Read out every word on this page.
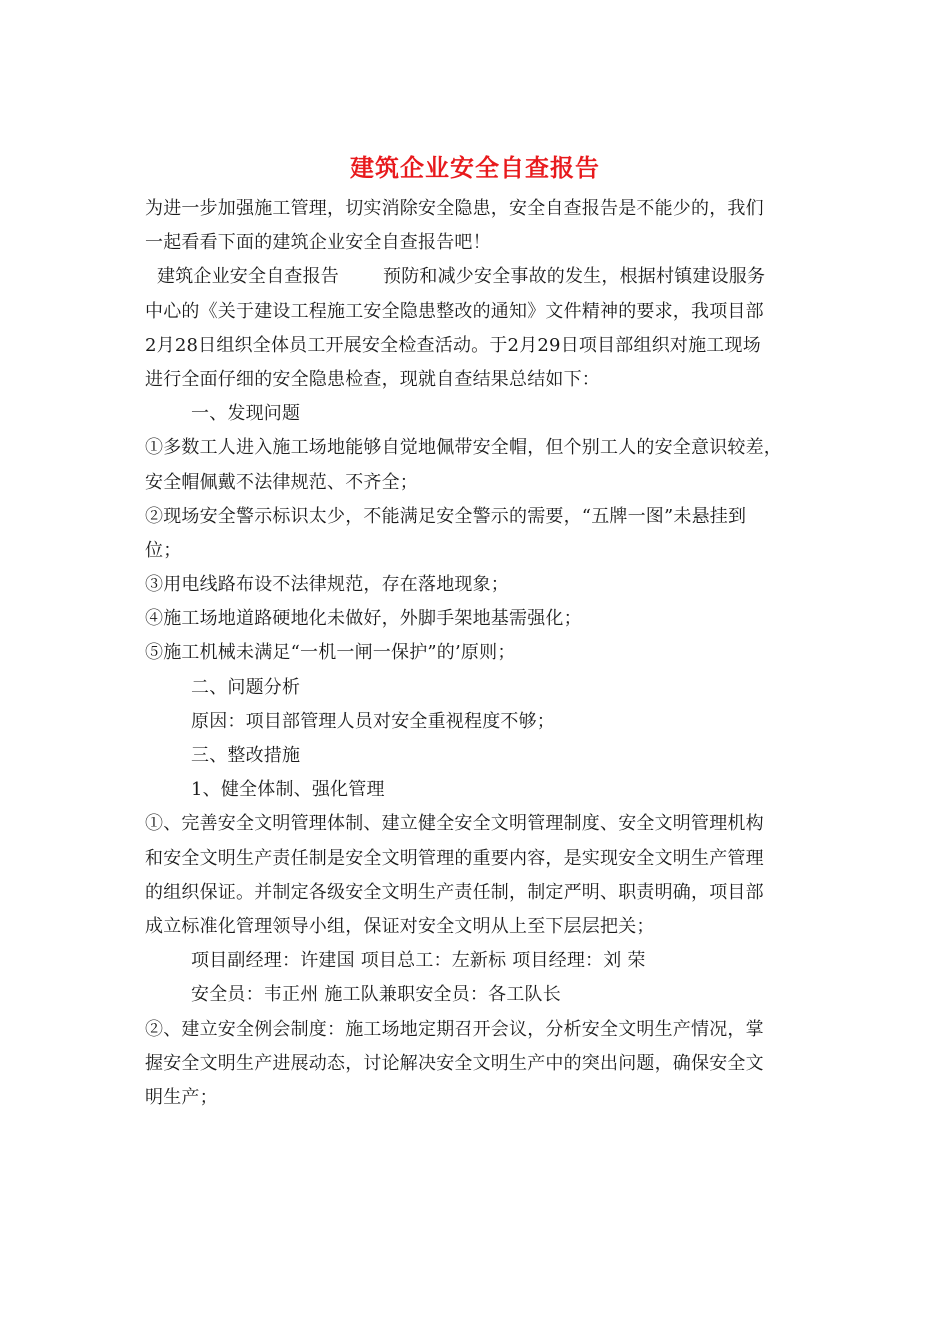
建筑企业安全自查报告
为进一步加强施工管理，切实消除安全隐患，安全自查报告是不能少的，我们
一起看看下面的建筑企业安全自查报告吧！
建筑企业安全自查报告 预防和减少安全事故的发生，根据村镇建设服务
中心的《关于建设工程施工安全隐患整改的通知》文件精神的要求，我项目部
2月28日组织全体员工开展安全检查活动。于2月29日项目部组织对施工现场
进行全面仔细的安全隐患检查，现就自查结果总结如下：
一、发现问题
①多数工人进入施工场地能够自觉地佩带安全帽，但个别工人的安全意识较差，
安全帽佩戴不法律规范、不齐全；
②现场安全警示标识太少，不能满足安全警示的需要，“五牌一图”未悬挂到
位；
③用电线路布设不法律规范，存在落地现象；
④施工场地道路硬地化未做好，外脚手架地基需强化；
⑤施工机械未满足“一机一闸一保护”的’原则；
二、问题分析
原因：项目部管理人员对安全重视程度不够；
三、整改措施
1、健全体制、强化管理
①、完善安全文明管理体制、建立健全安全文明管理制度、安全文明管理机构
和安全文明生产责任制是安全文明管理的重要内容，是实现安全文明生产管理
的组织保证。并制定各级安全文明生产责任制，制定严明、职责明确，项目部
成立标准化管理领导小组，保证对安全文明从上至下层层把关；
项目副经理：许建国 项目总工：左新标 项目经理：刘 荣
安全员：韦正州 施工队兼职安全员：各工队长
②、建立安全例会制度：施工场地定期召开会议，分析安全文明生产情况，掌
握安全文明生产进展动态，讨论解决安全文明生产中的突出问题，确保安全文
明生产；
